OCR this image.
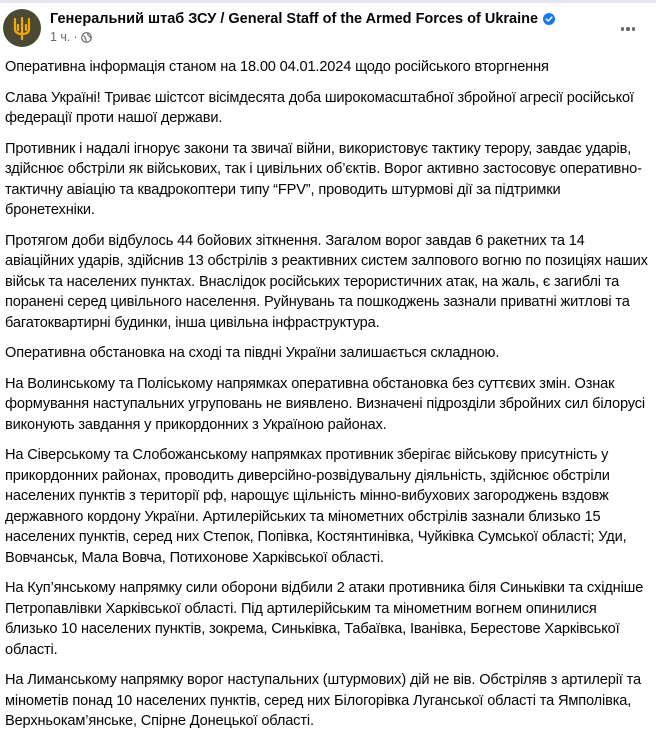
Генеральний штаб ЗСУ / General Staff of the Armed Forces of Ukraine
1 ч. ·

Оперативна інформація станом на 18.00 04.01.2024 щодо російського вторгнення

Слава Україні! Триває шістсот вісімдесята доба широкомасштабної збройної агресії російської федерації проти нашої держави.

Противник і надалі ігнорує закони та звичаї війни, використовує тактику терору, завдає ударів, здійснює обстріли як військових, так і цивільних об’єктів. Ворог активно застосовує оперативно-тактичну авіацію та квадрокоптери типу “FPV”, проводить штурмові дії за підтримки бронетехніки.

Протягом доби відбулось 44 бойових зіткнення. Загалом ворог завдав 6 ракетних та 14 авіаційних ударів, здійснив 13 обстрілів з реактивних систем залпового вогню по позиціях наших військ та населених пунктах. Внаслідок російських терористичних атак, на жаль, є загиблі та поранені серед цивільного населення. Руйнувань та пошкоджень зазнали приватні житлові та багатоквартирні будинки, інша цивільна інфраструктура.

Оперативна обстановка на сході та півдні України залишається складною.

На Волинському та Поліському напрямках оперативна обстановка без суттєвих змін. Ознак формування наступальних угруповань не виявлено. Визначені підрозділи збройних сил білорусі виконують завдання у прикордонних з Україною районах.

На Сіверському та Слобожанському напрямках противник зберігає військову присутність у прикордонних районах, проводить диверсійно-розвідувальну діяльність, здійснює обстріли населених пунктів з території рф, нарощує щільність мінно-вибухових загороджень вздовж державного кордону України. Артилерійських та мінометних обстрілів зазнали близько 15 населених пунктів, серед них Степок, Попівка, Костянтинівка, Чуйківка Сумської області; Уди, Вовчанськ, Мала Вовча, Потихонове Харківської області.

На Куп’янському напрямку сили оборони відбили 2 атаки противника біля Синьківки та східніше Петропавлівки Харківської області. Під артилерійським та мінометним вогнем опинилися близько 10 населених пунктів, зокрема, Синьківка, Табаївка, Іванівка, Берестове Харківської області.

На Лиманському напрямку ворог наступальних (штурмових) дій не вів. Обстріляв з артилерії та мінометів понад 10 населених пунктів, серед них Білогорівка Луганської області та Ямполівка, Верхньокам’янське, Спірне Донецької області.
